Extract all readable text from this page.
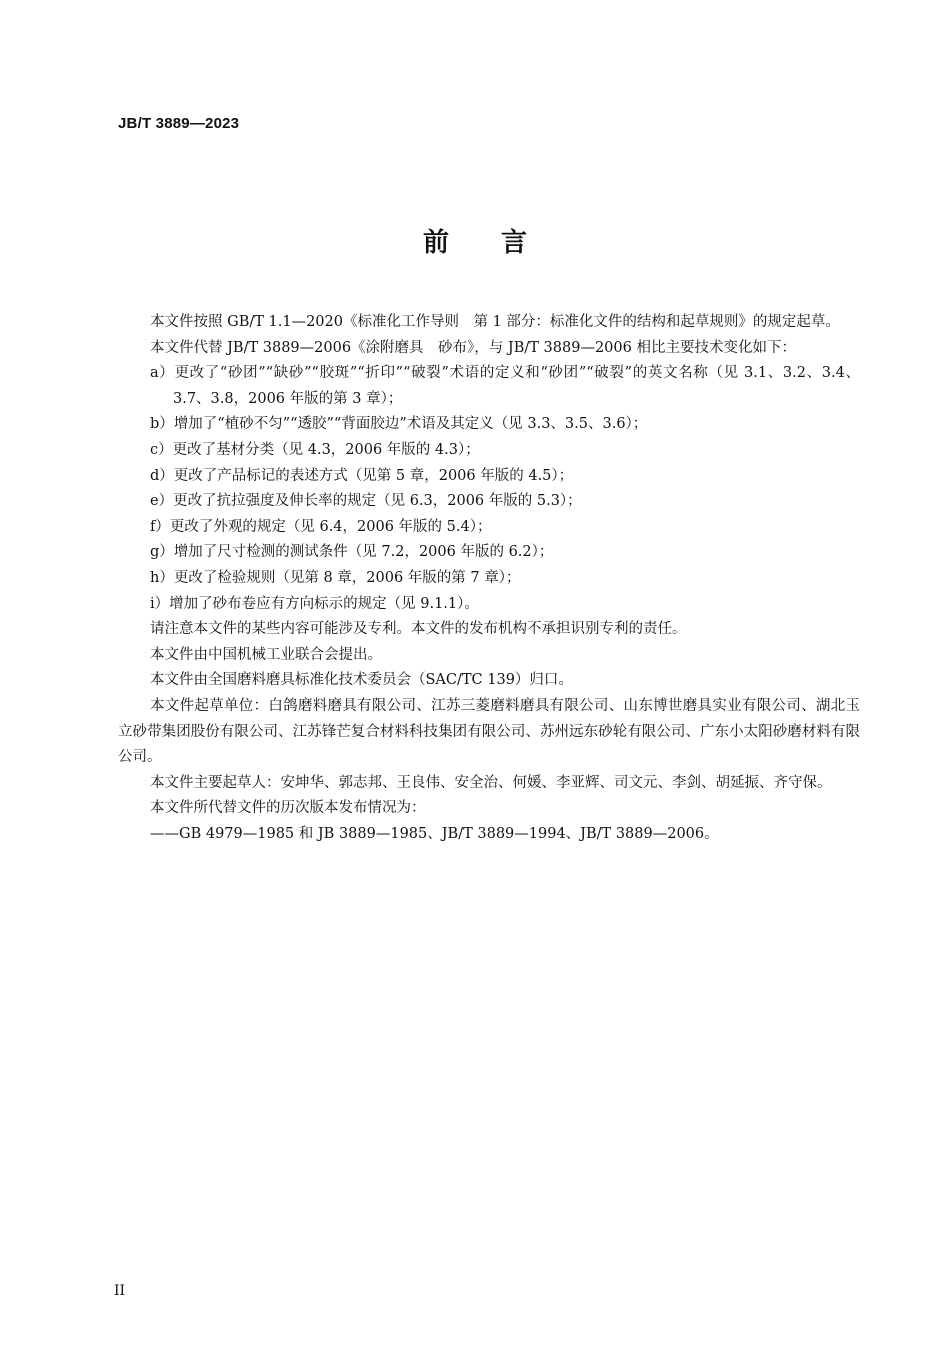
JB/T 3889—2023
前 言

本文件按照 GB/T 1.1—2020《标准化工作导则　第 1 部分：标准化文件的结构和起草规则》的规定起草。

本文件代替 JB/T 3889—2006《涂附磨具　砂布》，与 JB/T 3889—2006 相比主要技术变化如下：

a）更改了“砂团”“缺砂”“胶斑”“折印”“破裂”术语的定义和“砂团”“破裂”的英文名称（见 3.1、3.2、3.4、3.7、3.8，2006 年版的第 3 章）；

b）增加了“植砂不匀”“透胶”“背面胶边”术语及其定义（见 3.3、3.5、3.6）；

c）更改了基材分类（见 4.3，2006 年版的 4.3）；

d）更改了产品标记的表述方式（见第 5 章，2006 年版的 4.5）；

e）更改了抗拉强度及伸长率的规定（见 6.3，2006 年版的 5.3）；

f）更改了外观的规定（见 6.4，2006 年版的 5.4）；

g）增加了尺寸检测的测试条件（见 7.2，2006 年版的 6.2）；

h）更改了检验规则（见第 8 章，2006 年版的第 7 章）；

i）增加了砂布卷应有方向标示的规定（见 9.1.1）。

请注意本文件的某些内容可能涉及专利。本文件的发布机构不承担识别专利的责任。

本文件由中国机械工业联合会提出。

本文件由全国磨料磨具标准化技术委员会（SAC/TC 139）归口。

本文件起草单位：白鸽磨料磨具有限公司、江苏三菱磨料磨具有限公司、山东博世磨具实业有限公司、湖北玉立砂带集团股份有限公司、江苏锋芒复合材料科技集团有限公司、苏州远东砂轮有限公司、广东小太阳砂磨材料有限公司。

本文件主要起草人：安坤华、郭志邦、王良伟、安全治、何媛、李亚辉、司文元、李剑、胡延振、齐守保。

本文件所代替文件的历次版本发布情况为：

——GB 4979—1985 和 JB 3889—1985、JB/T 3889—1994、JB/T 3889—2006。

II
